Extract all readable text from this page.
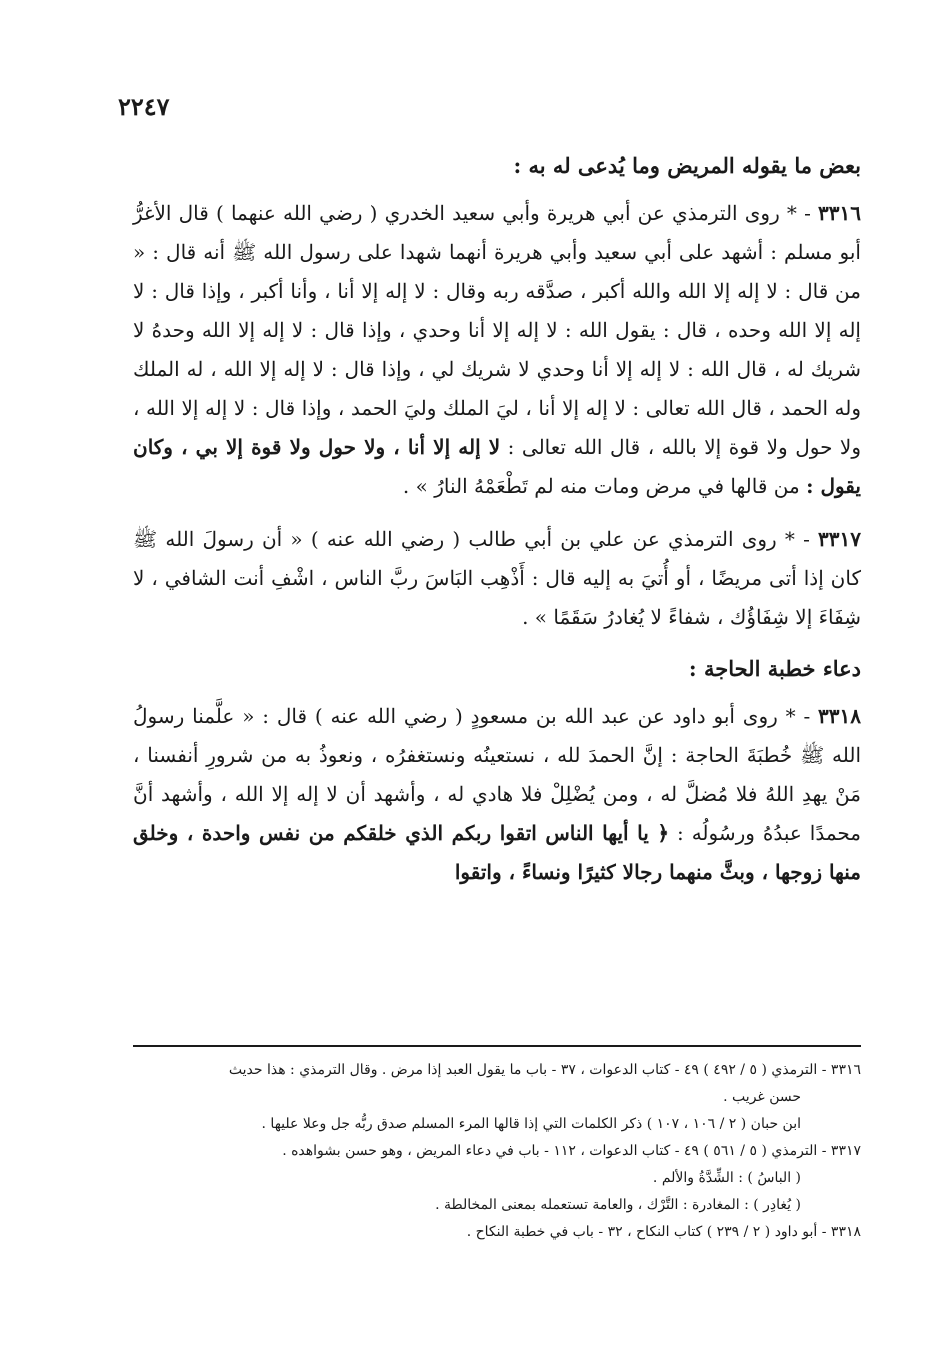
٢٢٤٧
بعض ما يقوله المريض وما يُدعى له به :

٣٣١٦ - * روى الترمذي عن أبي هريرة وأبي سعيد الخدري ( رضي الله عنهما ) قال الأغرُّ أبو مسلم : أشهد على أبي سعيد وأبي هريرة أنهما شهدا على رسول الله ﷺ أنه قال : « من قال : لا إله إلا الله والله أكبر ، صدَّقه ربه وقال : لا إله إلا أنا ، وأنا أكبر ، وإذا قال : لا إله إلا الله وحده ، قال : يقول الله : لا إله إلا أنا وحدي ، وإذا قال : لا إله إلا الله وحدهُ لا شريك له ، قال الله : لا إله إلا أنا وحدي لا شريك لي ، وإذا قال : لا إله إلا الله ، له الملك وله الحمد ، قال الله تعالى : لا إله إلا أنا ، ليَ الملك وليَ الحمد ، وإذا قال : لا إله إلا الله ، ولا حول ولا قوة إلا بالله ، قال الله تعالى : لا إله إلا أنا ، ولا حول ولا قوة إلا بي ، وكان يقول : من قالها في مرض ومات منه لم تَطْعَمْهُ النارُ » .

٣٣١٧ - * روى الترمذي عن علي بن أبي طالب ( رضي الله عنه ) « أن رسولَ الله ﷺ كان إذا أتى مريضًا ، أو أُتيَ به إليه قال : أَذْهِب البَاسَ ربَّ الناس ، اشْفِ أنت الشافي ، لا شِفَاءَ إلا شِفَاؤُك ، شفاءً لا يُغادرُ سَقَمًا » .

دعاء خطبة الحاجة :

٣٣١٨ - * روى أبو داود عن عبد الله بن مسعودٍ ( رضي الله عنه ) قال : « علَّمنا رسولُ الله ﷺ خُطبَةَ الحاجة : إنَّ الحمدَ لله ، نستعينُه ونستغفرُه ، ونعوذُ به من شرورِ أنفسنا ، مَنْ يهدِ اللهُ فلا مُضلَّ له ، ومن يُضْلِلْ فلا هادي له ، وأشهد أن لا إله إلا الله ، وأشهد أنَّ محمدًا عبدُهُ ورسُولُه : ﴿ يا أيها الناس اتقوا ربكم الذي خلقكم من نفس واحدة ، وخلق منها زوجها ، وبثَّ منهما رجالا كثيرًا ونساءً ، واتقوا

٣٣١٦ - الترمذي ( ٥ / ٤٩٢ ) ٤٩ - كتاب الدعوات ، ٣٧ - باب ما يقول العبد إذا مرض . وقال الترمذي : هذا حديث

حسن غريب .

ابن حبان ( ٢ / ١٠٦ ، ١٠٧ ) ذكر الكلمات التي إذا قالها المرء المسلم صدق ربُّه جل وعلا عليها .

٣٣١٧ - الترمذي ( ٥ / ٥٦١ ) ٤٩ - كتاب الدعوات ، ١١٢ - باب في دعاء المريض ، وهو حسن بشواهده .

( الباسُ ) : الشِّدَّةُ والألم .

( يُغادِر ) : المغادرة : التَّرْك ، والعامة تستعمله بمعنى المخالطة .

٣٣١٨ - أبو داود ( ٢ / ٢٣٩ ) كتاب النكاح ، ٣٢ - باب في خطبة النكاح .
